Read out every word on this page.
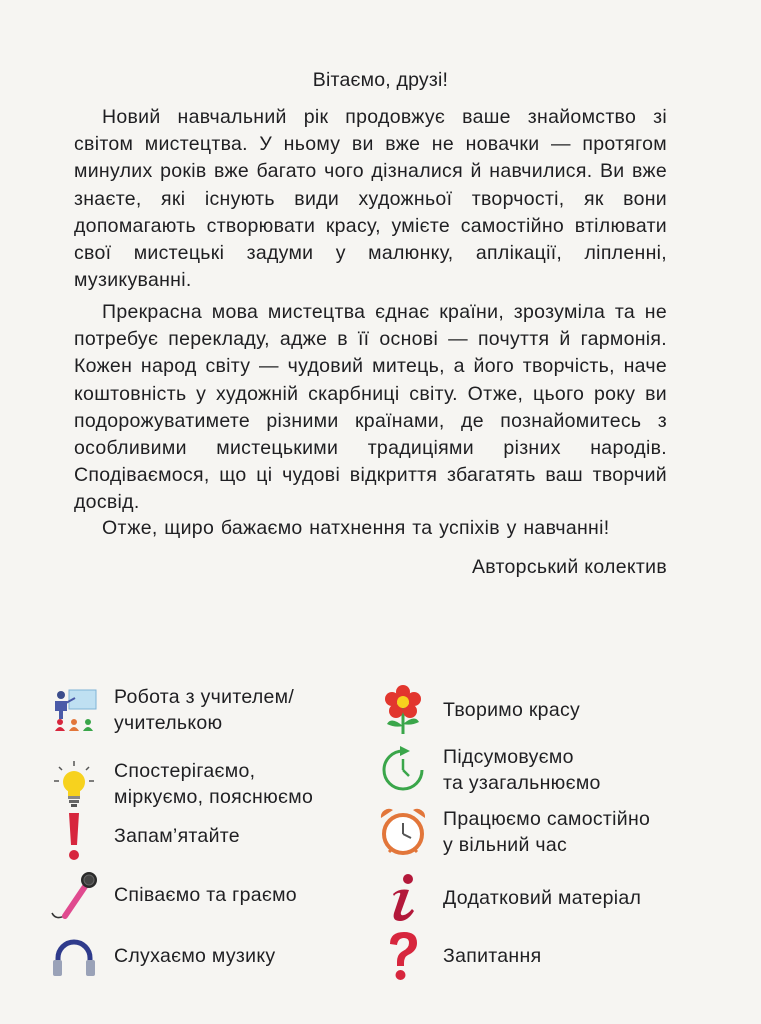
Вітаємо, друзі!

Новий навчальний рік продовжує ваше знайомство зі світом мистецтва. У ньому ви вже не новачки — протягом минулих років вже багато чого дізналися й навчилися. Ви вже знаєте, які існують види художньої творчості, як вони допомагають створювати красу, умієте самостійно втілювати свої мистецькі задуми у малюнку, аплікації, ліпленні, музикуванні.

Прекрасна мова мистецтва єднає країни, зрозуміла та не потребує перекладу, адже в її основі — почуття й гармонія. Кожен народ світу — чудовий митець, а його творчість, наче коштовність у художній скарбниці світу. Отже, цього року ви подорожуватимете різними країнами, де познайомитесь з особливими мистецькими традиціями різних народів. Сподіваємося, що ці чудові відкриття збагатять ваш творчий досвід.

Отже, щиро бажаємо натхнення та успіхів у навчанні!

Авторський колектив
Робота з учителем/
учителькою
Спостерігаємо,
міркуємо, пояснюємо
Запам’ятайте
Співаємо та граємо
Слухаємо музику
Творимо красу
Підсумовуємо
та узагальнюємо
Працюємо самостійно
у вільний час
Додатковий матеріал
Запитання
